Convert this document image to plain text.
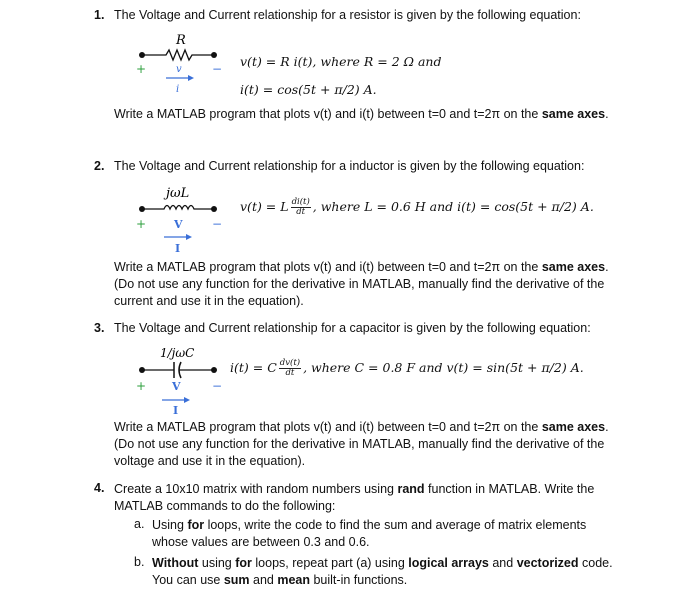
1. The Voltage and Current relationship for a resistor is given by the following equation:
R
+	v	−
i
v(t) = R i(t), where R = 2 Ω and
i(t) = cos(5t + π/2) A.
Write a MATLAB program that plots v(t) and i(t) between t=0 and t=2π on the same axes.
2. The Voltage and Current relationship for a inductor is given by the following equation:
jωL
+	V −
I
v(t) = L $\frac{di(t)}{dt}$ , where L = 0.6 H and i(t) = cos(5t + π/2) A.
Write a MATLAB program that plots v(t) and i(t) between t=0 and t=2π on the same axes.
(Do not use any function for the derivative in MATLAB, manually find the derivative of the
current and use it in the equation).
3. The Voltage and Current relationship for a capacitor is given by the following equation:
1/jωC
+ V	−
I
i(t) = C $\frac{dv(t)}{dt}$ , where C = 0.8 F and v(t) = sin(5t + π/2) A.
Write a MATLAB program that plots v(t) and i(t) between t=0 and t=2π on the same axes.
(Do not use any function for the derivative in MATLAB, manually find the derivative of the
voltage and use it in the equation).
4. Create a 10x10 matrix with random numbers using rand function in MATLAB. Write the
MATLAB commands to do the following:
a. Using for loops, write the code to find the sum and average of matrix elements
whose values are between 0.3 and 0.6.
b. Without using for loops, repeat part (a) using logical arrays and vectorized code.
You can use sum and mean built-in functions.
